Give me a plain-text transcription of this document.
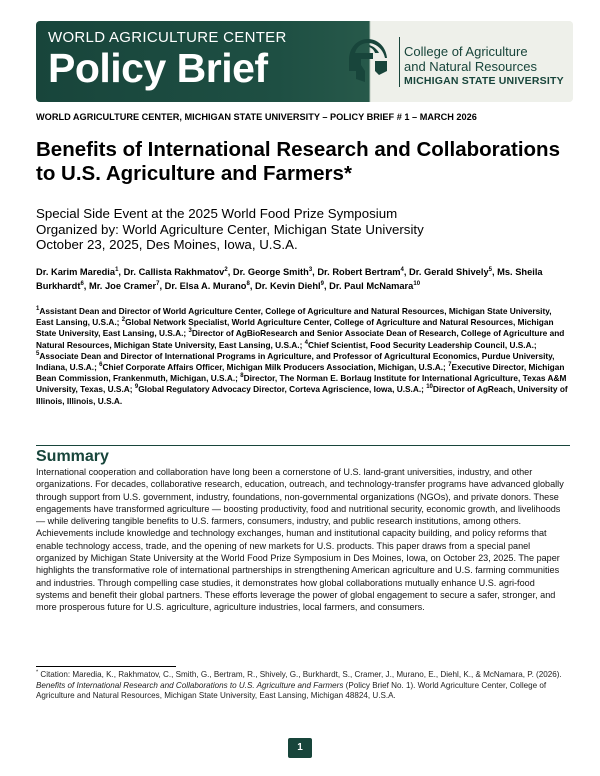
WORLD AGRICULTURE CENTER
Policy Brief	College of Agriculture
and Natural Resources
MICHIGAN STATE UNIVERSITY
WORLD AGRICULTURE CENTER, MICHIGAN STATE UNIVERSITY – POLICY BRIEF # 1 – MARCH 2026
Benefits of International Research and Collaborations to U.S. Agriculture and Farmers*
Special Side Event at the 2025 World Food Prize Symposium
Organized by: World Agriculture Center, Michigan State University
October 23, 2025, Des Moines, Iowa, U.S.A.
Dr. Karim Maredia$^1$, Dr. Callista Rakhmatov$^2$, Dr. George Smith$^3$, Dr. Robert Bertram$^4$, Dr. Gerald Shively$^5$, Ms. Sheila Burkhardt$^6$, Mr. Joe Cramer$^7$, Dr. Elsa A. Murano$^8$, Dr. Kevin Diehl$^9$, Dr. Paul McNamara$^{10}$
$^1$Assistant Dean and Director of World Agriculture Center, College of Agriculture and Natural Resources, Michigan State University, East Lansing, U.S.A.; $^2$Global Network Specialist, World Agriculture Center, College of Agriculture and Natural Resources, Michigan State University, East Lansing, U.S.A.; $^3$Director of AgBioResearch and Senior Associate Dean of Research, College of Agriculture and Natural Resources, Michigan State University, East Lansing, U.S.A.; $^4$Chief Scientist, Food Security Leadership Council, U.S.A.; $^5$Associate Dean and Director of International Programs in Agriculture, and Professor of Agricultural Economics, Purdue University, Indiana, U.S.A.; $^6$Chief Corporate Affairs Officer, Michigan Milk Producers Association, Michigan, U.S.A.; $^7$Executive Director, Michigan Bean Commission, Frankenmuth, Michigan, U.S.A.; $^8$Director, The Norman E. Borlaug Institute for International Agriculture, Texas A&M University, Texas, U.S.A; $^9$Global Regulatory Advocacy Director, Corteva Agriscience, Iowa, U.S.A.; $^{10}$Director of AgReach, University of Illinois, Illinois, U.S.A.
Summary

International cooperation and collaboration have long been a cornerstone of U.S. land-grant universities, industry, and other organizations. For decades, collaborative research, education, outreach, and technology-transfer programs have advanced globally through support from U.S. government, industry, foundations, non-governmental organizations (NGOs), and private donors. These engagements have transformed agriculture — boosting productivity, food and nutritional security, economic growth, and livelihoods — while delivering tangible benefits to U.S. farmers, consumers, industry, and public research institutions, among others. Achievements include knowledge and technology exchanges, human and institutional capacity building, and policy reforms that enable technology access, trade, and the opening of new markets for U.S. products. This paper draws from a special panel organized by Michigan State University at the World Food Prize Symposium in Des Moines, Iowa, on October 23, 2025. The paper highlights the transformative role of international partnerships in strengthening American agriculture and U.S. farming communities and industries. Through compelling case studies, it demonstrates how global collaborations mutually enhance U.S. agri-food systems and benefit their global partners. These efforts leverage the power of global engagement to secure a safer, stronger, and more prosperous future for U.S. agriculture, agriculture industries, local farmers, and consumers.

* Citation: Maredia, K., Rakhmatov, C., Smith, G., Bertram, R., Shively, G., Burkhardt, S., Cramer, J., Murano, E., Diehl, K., & McNamara, P. (2026). Benefits of International Research and Collaborations to U.S. Agriculture and Farmers (Policy Brief No. 1). World Agriculture Center, College of Agriculture and Natural Resources, Michigan State University, East Lansing, Michigan 48824, U.S.A.
1
